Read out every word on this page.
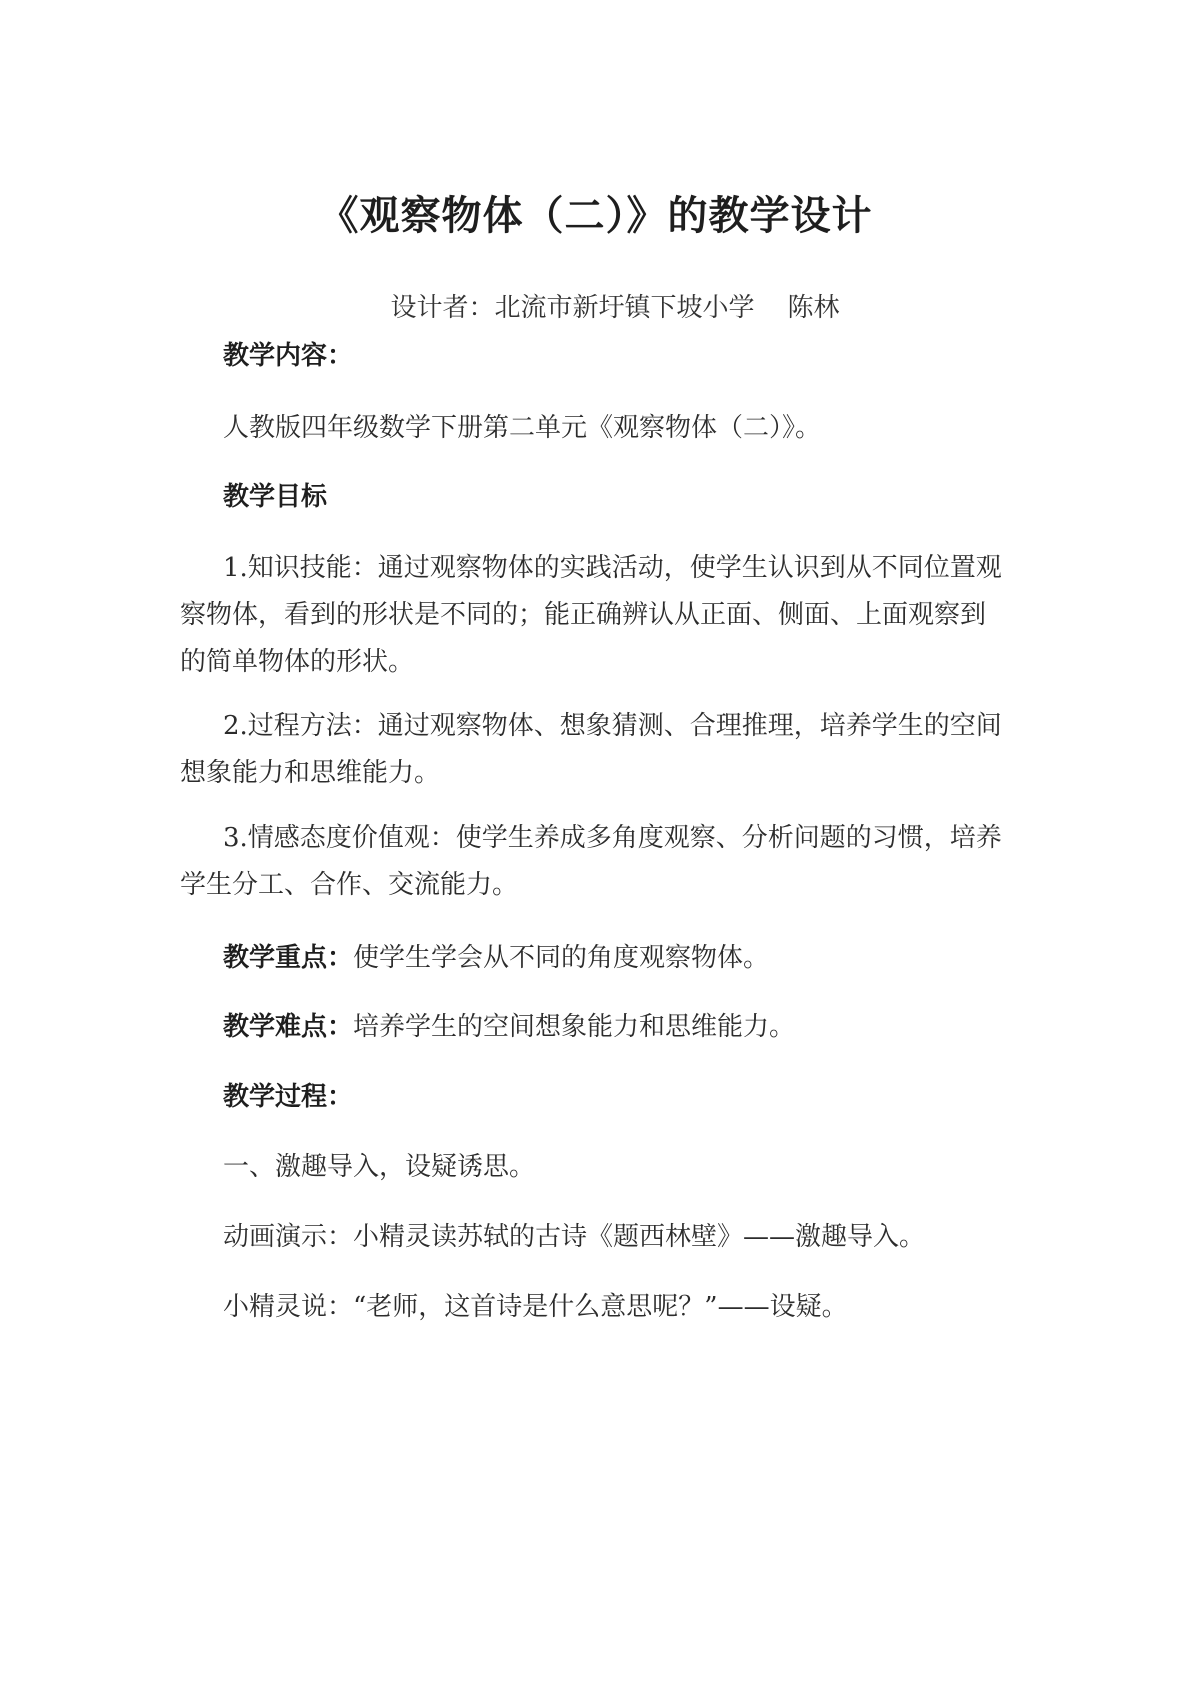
《观察物体（二）》的教学设计

设计者：北流市新圩镇下坡小学    陈林

教学内容：

人教版四年级数学下册第二单元《观察物体（二）》。

教学目标

1.知识技能：通过观察物体的实践活动，使学生认识到从不同位置观察物体，看到的形状是不同的；能正确辨认从正面、侧面、上面观察到的简单物体的形状。

2.过程方法：通过观察物体、想象猜测、合理推理，培养学生的空间想象能力和思维能力。

3.情感态度价值观：使学生养成多角度观察、分析问题的习惯，培养学生分工、合作、交流能力。

教学重点：使学生学会从不同的角度观察物体。

教学难点：培养学生的空间想象能力和思维能力。

教学过程：

一、激趣导入，设疑诱思。

动画演示：小精灵读苏轼的古诗《题西林壁》——激趣导入。

小精灵说：“老师，这首诗是什么意思呢？”——设疑。
